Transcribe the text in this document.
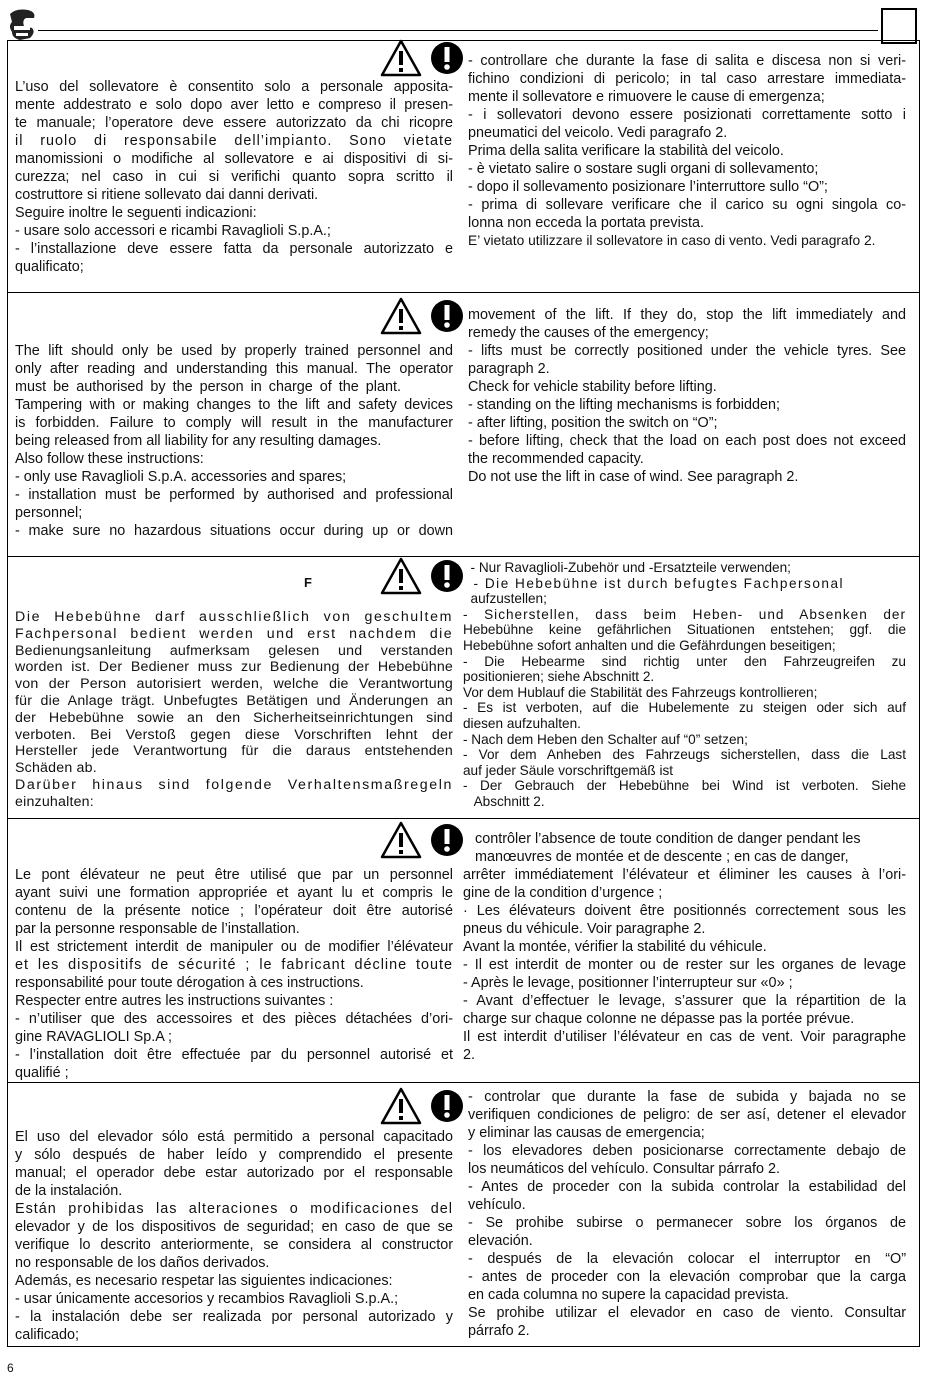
L’uso del sollevatore è consentito solo a personale apposita-

mente addestrato e solo dopo aver letto e compreso il presen-

te manuale; l’operatore deve essere autorizzato da chi ricopre

il ruolo di responsabile dell’impianto. Sono vietate

manomissioni o modifiche al sollevatore e ai dispositivi di si-

curezza; nel caso in cui si verifichi quanto sopra scritto il

costruttore si ritiene sollevato dai danni derivati.

Seguire inoltre le seguenti indicazioni:

- usare solo accessori e ricambi Ravaglioli S.p.A.;

- l’installazione deve essere fatta da personale autorizzato e

qualificato;

- controllare che durante la fase di salita e discesa non si veri-

fichino condizioni di pericolo; in tal caso arrestare immediata-

mente il sollevatore e rimuovere le cause di emergenza;

- i sollevatori devono essere posizionati correttamente sotto i

pneumatici del veicolo. Vedi paragrafo 2.

Prima della salita verificare la stabilità del veicolo.

- è vietato salire o sostare sugli organi di sollevamento;

- dopo il sollevamento posizionare l’interruttore sullo “O”;

- prima di sollevare verificare che il carico su ogni singola co-

lonna non ecceda la portata prevista.

E’ vietato utilizzare il sollevatore in caso di vento. Vedi paragrafo 2.

The lift should only be used by properly trained personnel and

only after reading and understanding this manual. The operator

must be authorised by the person in charge of the plant.

Tampering with or making changes to the lift and safety devices

is forbidden. Failure to comply will result in the manufacturer

being released from all liability for any resulting damages.

Also follow these instructions:

- only use Ravaglioli S.p.A. accessories and spares;

- installation must be performed by authorised and professional

personnel;

- make sure no hazardous situations occur during up or down

movement of the lift. If they do, stop the lift immediately and

remedy the causes of the emergency;

- lifts must be correctly positioned under the vehicle tyres. See

paragraph 2.

Check for vehicle stability before lifting.

- standing on the lifting mechanisms is forbidden;

- after lifting, position the switch on “O”;

- before lifting, check that the load on each post does not exceed

the recommended capacity.

Do not use the lift in case of wind. See paragraph 2.

F

Die Hebebühne darf ausschließlich von geschultem

Fachpersonal bedient werden und erst nachdem die

Bedienungsanleitung aufmerksam gelesen und verstanden

worden ist. Der Bediener muss zur Bedienung der Hebebühne

von der Person autorisiert werden, welche die Verantwortung

für die Anlage trägt. Unbefugtes Betätigen und Änderungen an

der Hebebühne sowie an den Sicherheitseinrichtungen sind

verboten. Bei Verstoß gegen diese Vorschriften lehnt der

Hersteller jede Verantwortung für die daraus entstehenden

Schäden ab.

Darüber hinaus sind folgende Verhaltensmaßregeln

einzuhalten:

- Nur Ravaglioli-Zubehör und -Ersatzteile verwenden;

- Die Hebebühne ist durch befugtes Fachpersonal

aufzustellen;

- Sicherstellen, dass beim Heben- und Absenken der

Hebebühne keine gefährlichen Situationen entstehen; ggf. die

Hebebühne sofort anhalten und die Gefährdungen beseitigen;

- Die Hebearme sind richtig unter den Fahrzeugreifen zu

positionieren; siehe Abschnitt 2.

Vor dem Hublauf die Stabilität des Fahrzeugs kontrollieren;

- Es ist verboten, auf die Hubelemente zu steigen oder sich auf

diesen aufzuhalten.

- Nach dem Heben den Schalter auf “0” setzen;

- Vor dem Anheben des Fahrzeugs sicherstellen, dass die Last

auf jeder Säule vorschriftgemäß ist

- Der Gebrauch der Hebebühne bei Wind ist verboten. Siehe

Abschnitt 2.

Le pont élévateur ne peut être utilisé que par un personnel

ayant suivi une formation appropriée et ayant lu et compris le

contenu de la présente notice ; l’opérateur doit être autorisé

par la personne responsable de l’installation.

Il est strictement interdit de manipuler ou de modifier l’élévateur

et les dispositifs de sécurité ; le fabricant décline toute

responsabilité pour toute dérogation à ces instructions.

Respecter entre autres les instructions suivantes :

- n’utiliser que des accessoires et des pièces détachées d’ori-

gine RAVAGLIOLI Sp.A ;

- l’installation doit être effectuée par du personnel autorisé et

qualifié ;

contrôler l’absence de toute condition de danger pendant les

manœuvres de montée et de descente ; en cas de danger,

arrêter immédiatement l’élévateur et éliminer les causes à l’ori-

gine de la condition d’urgence ;

· Les élévateurs doivent être positionnés correctement sous les

pneus du véhicule. Voir paragraphe 2.

Avant la montée, vérifier la stabilité du véhicule.

- Il est interdit de monter ou de rester sur les organes de levage

- Après le levage, positionner l’interrupteur sur «0» ;

- Avant d’effectuer le levage, s’assurer que la répartition de la

charge sur chaque colonne ne dépasse pas la portée prévue.

Il est interdit d’utiliser l’élévateur en cas de vent. Voir paragraphe

2.

El uso del elevador sólo está permitido a personal capacitado

y sólo después de haber leído y comprendido el presente

manual; el operador debe estar autorizado por el responsable

de la instalación.

Están prohibidas las alteraciones o modificaciones del

elevador y de los dispositivos de seguridad; en caso de que se

verifique lo descrito anteriormente, se considera al constructor

no responsable de los daños derivados.

Además, es necesario respetar las siguientes indicaciones:

- usar únicamente accesorios y recambios Ravaglioli S.p.A.;

- la instalación debe ser realizada por personal autorizado y

calificado;

- controlar que durante la fase de subida y bajada no se

verifiquen condiciones de peligro: de ser así, detener el elevador

y eliminar las causas de emergencia;

- los elevadores deben posicionarse correctamente debajo de

los neumáticos del vehículo. Consultar párrafo 2.

- Antes de proceder con la subida controlar la estabilidad del

vehículo.

- Se prohibe subirse o permanecer sobre los órganos de

elevación.

- después de la elevación colocar el interruptor en “O”

- antes de proceder con la elevación comprobar que la carga

en cada columna no supere la capacidad prevista.

Se prohibe utilizar el elevador en caso de viento. Consultar

párrafo 2.

6
